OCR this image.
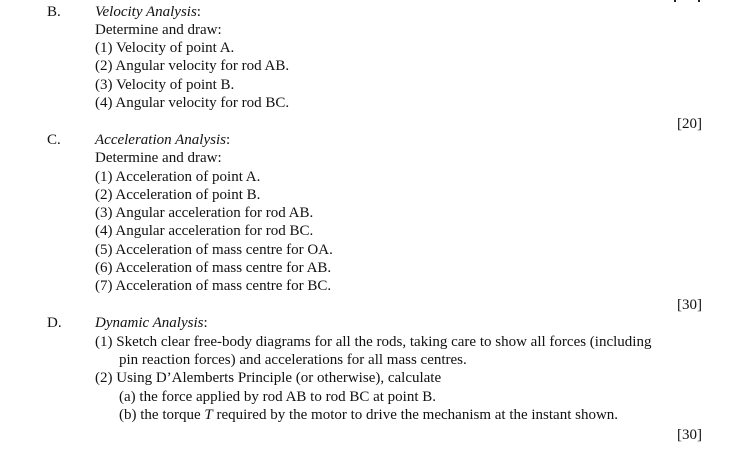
B. Velocity Analysis:
Determine and draw:
(1) Velocity of point A.
(2) Angular velocity for rod AB.
(3) Velocity of point B.
(4) Angular velocity for rod BC.
[20]
C. Acceleration Analysis:
Determine and draw:
(1) Acceleration of point A.
(2) Acceleration of point B.
(3) Angular acceleration for rod AB.
(4) Angular acceleration for rod BC.
(5) Acceleration of mass centre for OA.
(6) Acceleration of mass centre for AB.
(7) Acceleration of mass centre for BC.
[30]
D. Dynamic Analysis:
(1) Sketch clear free-body diagrams for all the rods, taking care to show all forces (including
pin reaction forces) and accelerations for all mass centres.
(2) Using D’Alemberts Principle (or otherwise), calculate
(a) the force applied by rod AB to rod BC at point B.
(b) the torque T required by the motor to drive the mechanism at the instant shown.
[30]
